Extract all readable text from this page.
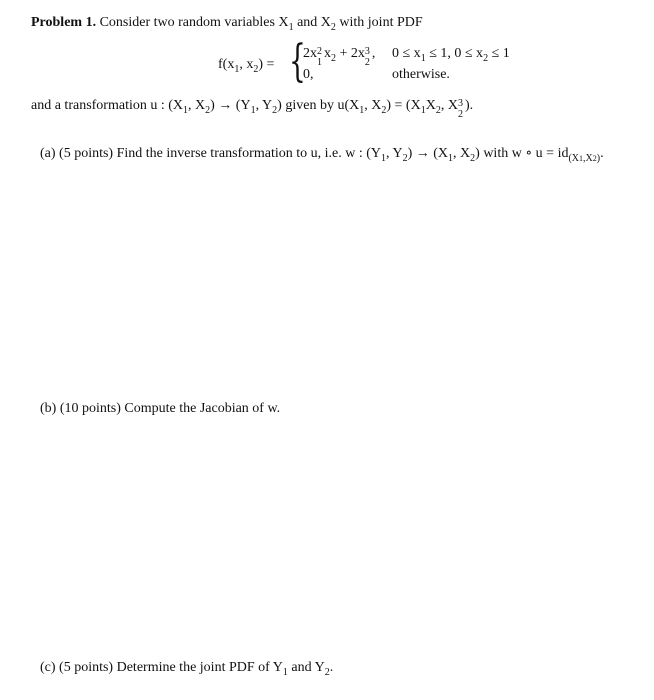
Problem 1. Consider two random variables $X_1$ and $X_2$ with joint PDF
$f(x_1$, $x_2$) = {
2x 2
1
$x_2 + 2x$ 3
2
, $0 \le x_1 \le 1$, $0 \le x_2 \le 1$
0,	otherwise.
and a transformation u : ($X_1$, $X_2) \to (Y_1$, $Y_2$) given by $u(X_1$, $X_2) = (X_1X_2$, X 3
2
).
(a) (5 points) Find the inverse transformation to u, i.e. w : ($Y_1$, $Y_2) \to (X_1$, $X_2$) with w ∘ $u = id_{(X1,X2)}$.
(b) (10 points) Compute the Jacobian of w.
(c) (5 points) Determine the joint PDF of $Y_1$ and $Y_2$.
